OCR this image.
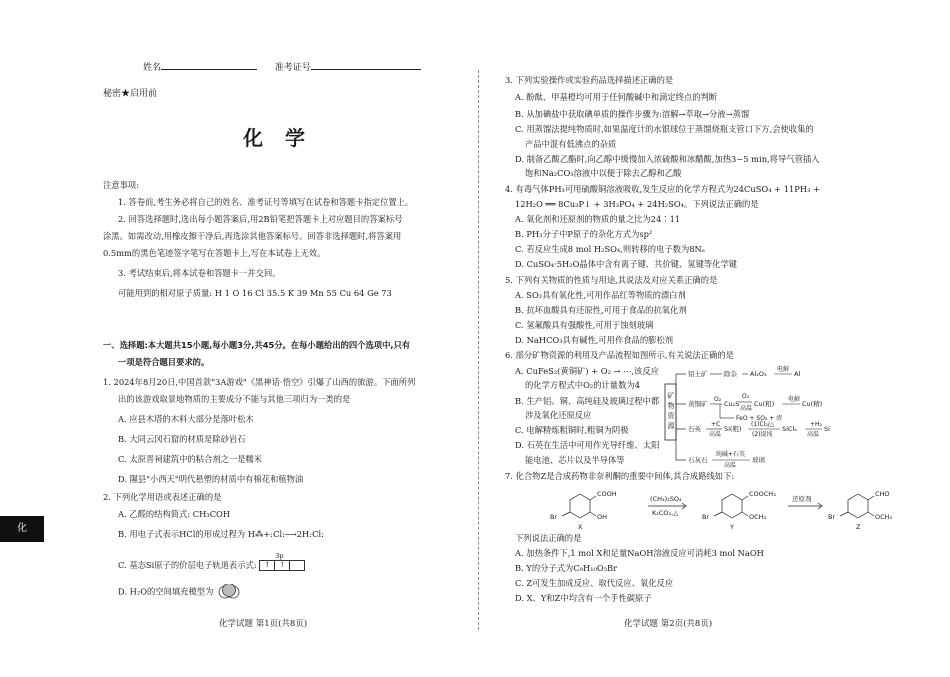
姓名	准考证号
秘密★启用前
化学
注意事项:
1. 答卷前,考生务必将自己的姓名、准考证号等填写在试卷和答题卡指定位置上。
2. 回答选择题时,选出每小题答案后,用2B铅笔把答题卡上对应题目的答案标号
涂黑。如需改动,用橡皮擦干净后,再选涂其他答案标号。回答非选择题时,将答案用
0.5mm的黑色笔迹签字笔写在答题卡上,写在本试卷上无效。
3. 考试结束后,将本试卷和答题卡一并交回。
可能用到的相对原子质量: H 1 O 16 Cl 35.5 K 39 Mn 55 Cu 64 Ge 73
一、选择题:本大题共15小题,每小题3分,共45分。在每小题给出的四个选项中,只有
一项是符合题目要求的。
1. 2024年8月20日,中国首款"3A游戏"《黑神话·悟空》引爆了山西的旅游。下面所列
出的该游戏取景地物质的主要成分不能与其他三项归为一类的是
A. 应县木塔的木料大部分是落叶松木
B. 大同云冈石窟的材质是除砂岩石
C. 太原晋祠建筑中的粘合剂之一是糯米
D. 隰县"小西天"明代悬塑的材质中有棉花和植物油
2. 下列化学用语或表述正确的是
A. 乙醛的结构简式: CH₃COH
B. 用电子式表示HCl的形成过程为 H⁂+:Cl:⟶2H:Cl:
C. 基态Si原子的价层电子轨道表示式:
3p
↑ ↑
D. H₂O的空间填充模型为
化
化学试题 第1页(共8页)
3. 下列实验操作或实验药品选择描述正确的是
A. 酚酞、甲基橙均可用于任何酸碱中和滴定终点的判断
B. 从加碘盐中获取碘单质的操作步骤为:溶解→萃取→分液→蒸馏
C. 用蒸馏法提纯物质时,如果温度计的水银球位于蒸馏烧瓶支管口下方,会使收集的
产品中混有低沸点的杂质
D. 制备乙酸乙酯时,向乙醇中缓慢加入浓硫酸和冰醋酸,加热3~5 min,将导气管插入
饱和Na₂CO₃溶液中以便于除去乙醇和乙酸
4. 有毒气体PH₃可用硫酸铜溶液吸收,发生反应的化学方程式为24CuSO₄ + 11PH₃ +
12H₂O ══ 8Cu₃P↓ + 3H₃PO₄ + 24H₂SO₄。下列说法正确的是
A. 氧化剂和还原剂的物质的量之比为24∶11
B. PH₃分子中P原子的杂化方式为sp²
C. 若反应生成8 mol H₂SO₄,则转移的电子数为8Nₐ
D. CuSO₄·5H₂O晶体中含有离子键、共价键、氢键等化学键
5. 下列有关物质的性质与用途,其说法及对应关系正确的是
A. SO₂具有氧化性,可用作品红等物质的漂白剂
B. 抗坏血酸具有还原性,可用于食品的抗氧化剂
C. 氢氟酸具有强酸性,可用于蚀刻玻璃
D. NaHCO₃具有碱性,可用作食品的膨松剂
6. 部分矿物资源的利用及产品流程如图所示,有关说法正确的是
A. CuFeS₂(黄铜矿) + O₂ → ⋯,该反应
的化学方程式中O₂的计量数为4
B. 生产铝、铜、高纯硅及玻璃过程中都
涉及氧化还原反应
C. 电解精炼粗铜时,粗铜为阴极
D. 石英在生活中可用作光导纤维、太阳
能电池、芯片以及半导体等
矿
物
资
源
铝土矿	除杂 Al₂O₃
电解
Al
黄铜矿
O₂
Cu₂S
O₂
高温
Cu(粗)
电解
Cu(精)
FeO + SO₂ + 渣
石英
+C
高温
Si(粗)
(1)Cl₂/△
(2)提纯
SiCl₄
+H₂
高温
Si
石灰石
纯碱+石英
高温
玻璃
7. 化合物Z是合成药物非奈利酮的重要中间体,其合成路线如下:
COOH
OH
Br
X
(CH₃)₂SO₄
K₂CO₃,△
COOCH₃
OCH₃
Br
Y
还原剂
CHO
OCH₃
Br
Z
下列说法正确的是
A. 加热条件下,1 mol X和足量NaOH溶液反应可消耗3 mol NaOH
B. Y的分子式为C₉H₁₀O₃Br
C. Z可发生加成反应、取代反应、氧化反应
D. X、Y和Z中均含有一个手性碳原子
化学试题 第2页(共8页)
